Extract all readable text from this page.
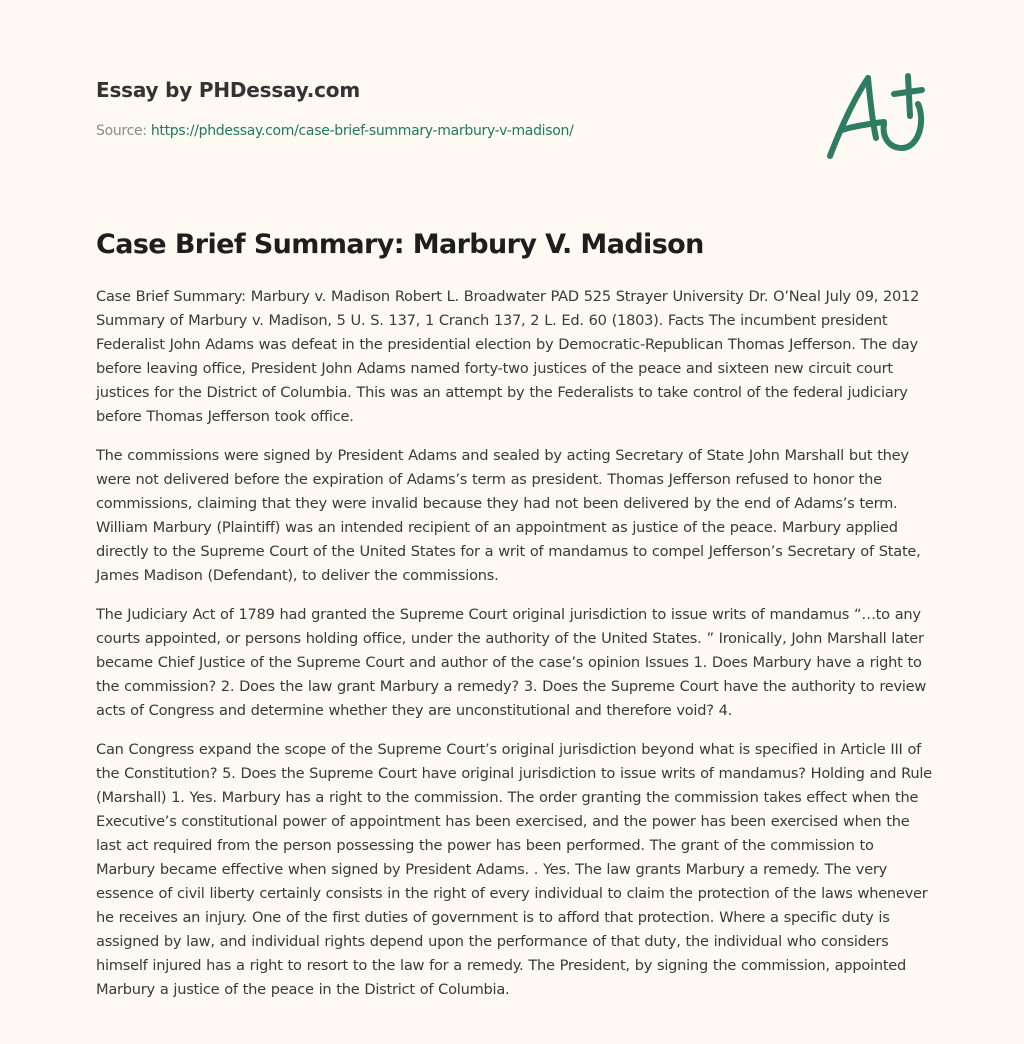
Essay by PHDessay.com
Source: https://phdessay.com/case-brief-summary-marbury-v-madison/
Case Brief Summary: Marbury V. Madison

Case Brief Summary: Marbury v. Madison Robert L. Broadwater PAD 525 Strayer University Dr. O’Neal July 09, 2012 Summary of Marbury v. Madison, 5 U. S. 137, 1 Cranch 137, 2 L. Ed. 60 (1803). Facts The incumbent president Federalist John Adams was defeat in the presidential election by Democratic-Republican Thomas Jefferson. The day before leaving office, President John Adams named forty-two justices of the peace and sixteen new circuit court justices for the District of Columbia. This was an attempt by the Federalists to take control of the federal judiciary before Thomas Jefferson took office.

The commissions were signed by President Adams and sealed by acting Secretary of State John Marshall but they were not delivered before the expiration of Adams’s term as president. Thomas Jefferson refused to honor the commissions, claiming that they were invalid because they had not been delivered by the end of Adams’s term. William Marbury (Plaintiff) was an intended recipient of an appointment as justice of the peace. Marbury applied directly to the Supreme Court of the United States for a writ of mandamus to compel Jefferson’s Secretary of State, James Madison (Defendant), to deliver the commissions.

The Judiciary Act of 1789 had granted the Supreme Court original jurisdiction to issue writs of mandamus “…to any courts appointed, or persons holding office, under the authority of the United States. ” Ironically, John Marshall later became Chief Justice of the Supreme Court and author of the case’s opinion Issues 1. Does Marbury have a right to the commission? 2. Does the law grant Marbury a remedy? 3. Does the Supreme Court have the authority to review acts of Congress and determine whether they are unconstitutional and therefore void? 4.

Can Congress expand the scope of the Supreme Court’s original jurisdiction beyond what is specified in Article III of the Constitution? 5. Does the Supreme Court have original jurisdiction to issue writs of mandamus? Holding and Rule (Marshall) 1. Yes. Marbury has a right to the commission. The order granting the commission takes effect when the Executive’s constitutional power of appointment has been exercised, and the power has been exercised when the last act required from the person possessing the power has been performed. The grant of the commission to Marbury became effective when signed by President Adams. . Yes. The law grants Marbury a remedy. The very essence of civil liberty certainly consists in the right of every individual to claim the protection of the laws whenever he receives an injury. One of the first duties of government is to afford that protection. Where a specific duty is assigned by law, and individual rights depend upon the performance of that duty, the individual who considers himself injured has a right to resort to the law for a remedy. The President, by signing the commission, appointed Marbury a justice of the peace in the District of Columbia.
